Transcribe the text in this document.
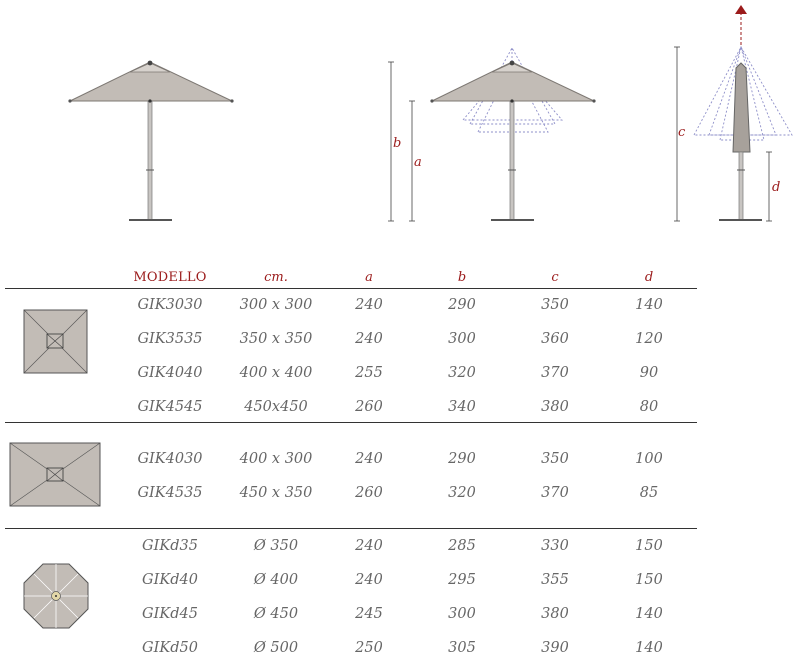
b
a
c
d
MODELLO	cm.	a	b	c	d
GIK3030	300 x 300	240	290	350	140
GIK3535	350 x 350	240	300	360	120
GIK4040	400 x 400	255	320	370	90
GIK4545	450x450	260	340	380	80
GIK4030	400 x 300	240	290	350	100
GIK4535	450 x 350	260	320	370	85
GIKd35	Ø 350	240	285	330	150
GIKd40	Ø 400	240	295	355	150
GIKd45	Ø 450	245	300	380	140
GIKd50	Ø 500	250	305	390	140
